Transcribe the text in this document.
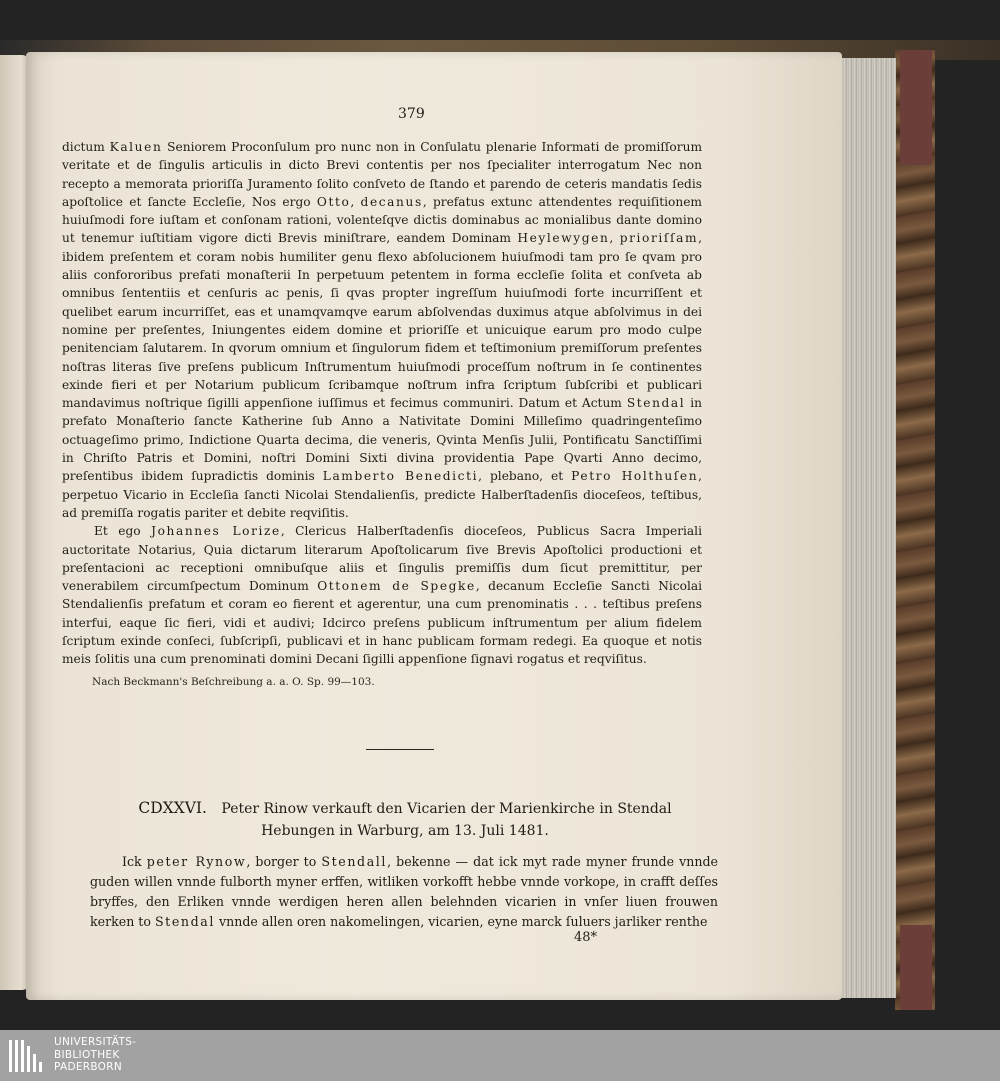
379

dictum Kaluen Seniorem Proconſulum pro nunc non in Conſulatu plenarie Informati de promiſſorum veritate et de ſingulis articulis in dicto Brevi contentis per nos ſpecialiter interrogatum Nec non recepto a memorata prioriſſa Juramento ſolito conſveto de ſtando et parendo de ceteris mandatis ſedis apoſtolice et ſancte Eccleſie, Nos ergo Otto, decanus, prefatus extunc attendentes requiſitionem huiuſmodi fore iuſtam et conſonam rationi, volenteſqve dictis dominabus ac monialibus dante domino ut tenemur iuſtitiam vigore dicti Brevis miniſtrare, eandem Dominam Heylewygen, prioriſſam, ibidem preſentem et coram nobis humiliter genu flexo abſolucionem huiuſmodi tam pro ſe qvam pro aliis confororibus prefati monaſterii In perpetuum petentem in forma eccleſie ſolita et conſveta ab omnibus ſententiis et cenſuris ac penis, ſi qvas propter ingreſſum huiuſmodi forte incurriſſent et quelibet earum incurriſſet, eas et unamqvamqve earum abſolvendas duximus atque abſolvimus in dei nomine per preſentes, Iniungentes eidem domine et prioriſſe et unicuique earum pro modo culpe penitenciam ſalutarem. In qvorum omnium et ſingulorum fidem et teſtimonium premiſſorum preſentes noſtras literas ſive preſens publicum Inſtrumentum huiuſmodi proceſſum noſtrum in ſe continentes exinde fieri et per Notarium publicum ſcribamque noſtrum infra ſcriptum ſubſcribi et publicari mandavimus noſtrique ſigilli appenſione iuſſimus et fecimus communiri. Datum et Actum Stendal in prefato Monaſterio ſancte Katherine ſub Anno a Nativitate Domini Milleſimo quadringenteſimo octuageſimo primo, Indictione Quarta decima, die veneris, Qvinta Menſis Julii, Pontificatu Sanctiſſimi in Chriſto Patris et Domini, noſtri Domini Sixti divina providentia Pape Qvarti Anno decimo, preſentibus ibidem ſupradictis dominis Lamberto Benedicti, plebano, et Petro Holthuſen, perpetuo Vicario in Eccleſia ſancti Nicolai Stendalienſis, predicte Halberſtadenſis dioceſeos, teſtibus, ad premiſſa rogatis pariter et debite reqviſitis.

Et ego Johannes Lorize, Clericus Halberſtadenſis dioceſeos, Publicus Sacra Imperiali auctoritate Notarius, Quia dictarum literarum Apoſtolicarum ſive Brevis Apoſtolici productioni et preſentacioni ac receptioni omnibuſque aliis et ſingulis premiſſis dum ſicut premittitur, per venerabilem circumſpectum Dominum Ottonem de Spegke, decanum Eccleſie Sancti Nicolai Stendalienſis prefatum et coram eo fierent et agerentur, una cum prenominatis . . . teſtibus preſens interfui, eaque ſic fieri, vidi et audivi; Idcirco preſens publicum inſtrumentum per alium fidelem ſcriptum exinde conſeci, ſubſcripſi, publicavi et in hanc publicam formam redegi. Ea quoque et notis meis ſolitis una cum prenominati domini Decani ſigilli appenſione ſignavi rogatus et reqviſitus.

Nach Beckmann's Beſchreibung a. a. O. Sp. 99—103.

CDXXVI. Peter Rinow verkauft den Vicarien der Marienkirche in Stendal Hebungen in Warburg, am 13. Juli 1481.
Ick peter Rynow, borger to Stendall, bekenne — dat ick myt rade myner frunde vnnde guden willen vnnde fulborth myner erffen, witliken vorkofft hebbe vnnde vorkope, in crafft deſſes bryffes, den Erliken vnnde werdigen heren allen belehnden vicarien in vnſer liuen frouwen kerken to Stendal vnnde allen oren nakomelingen, vicarien, eyne marck ſuluers jarliker renthe
48*
UNIVERSITÄTS-
BIBLIOTHEK
PADERBORN
